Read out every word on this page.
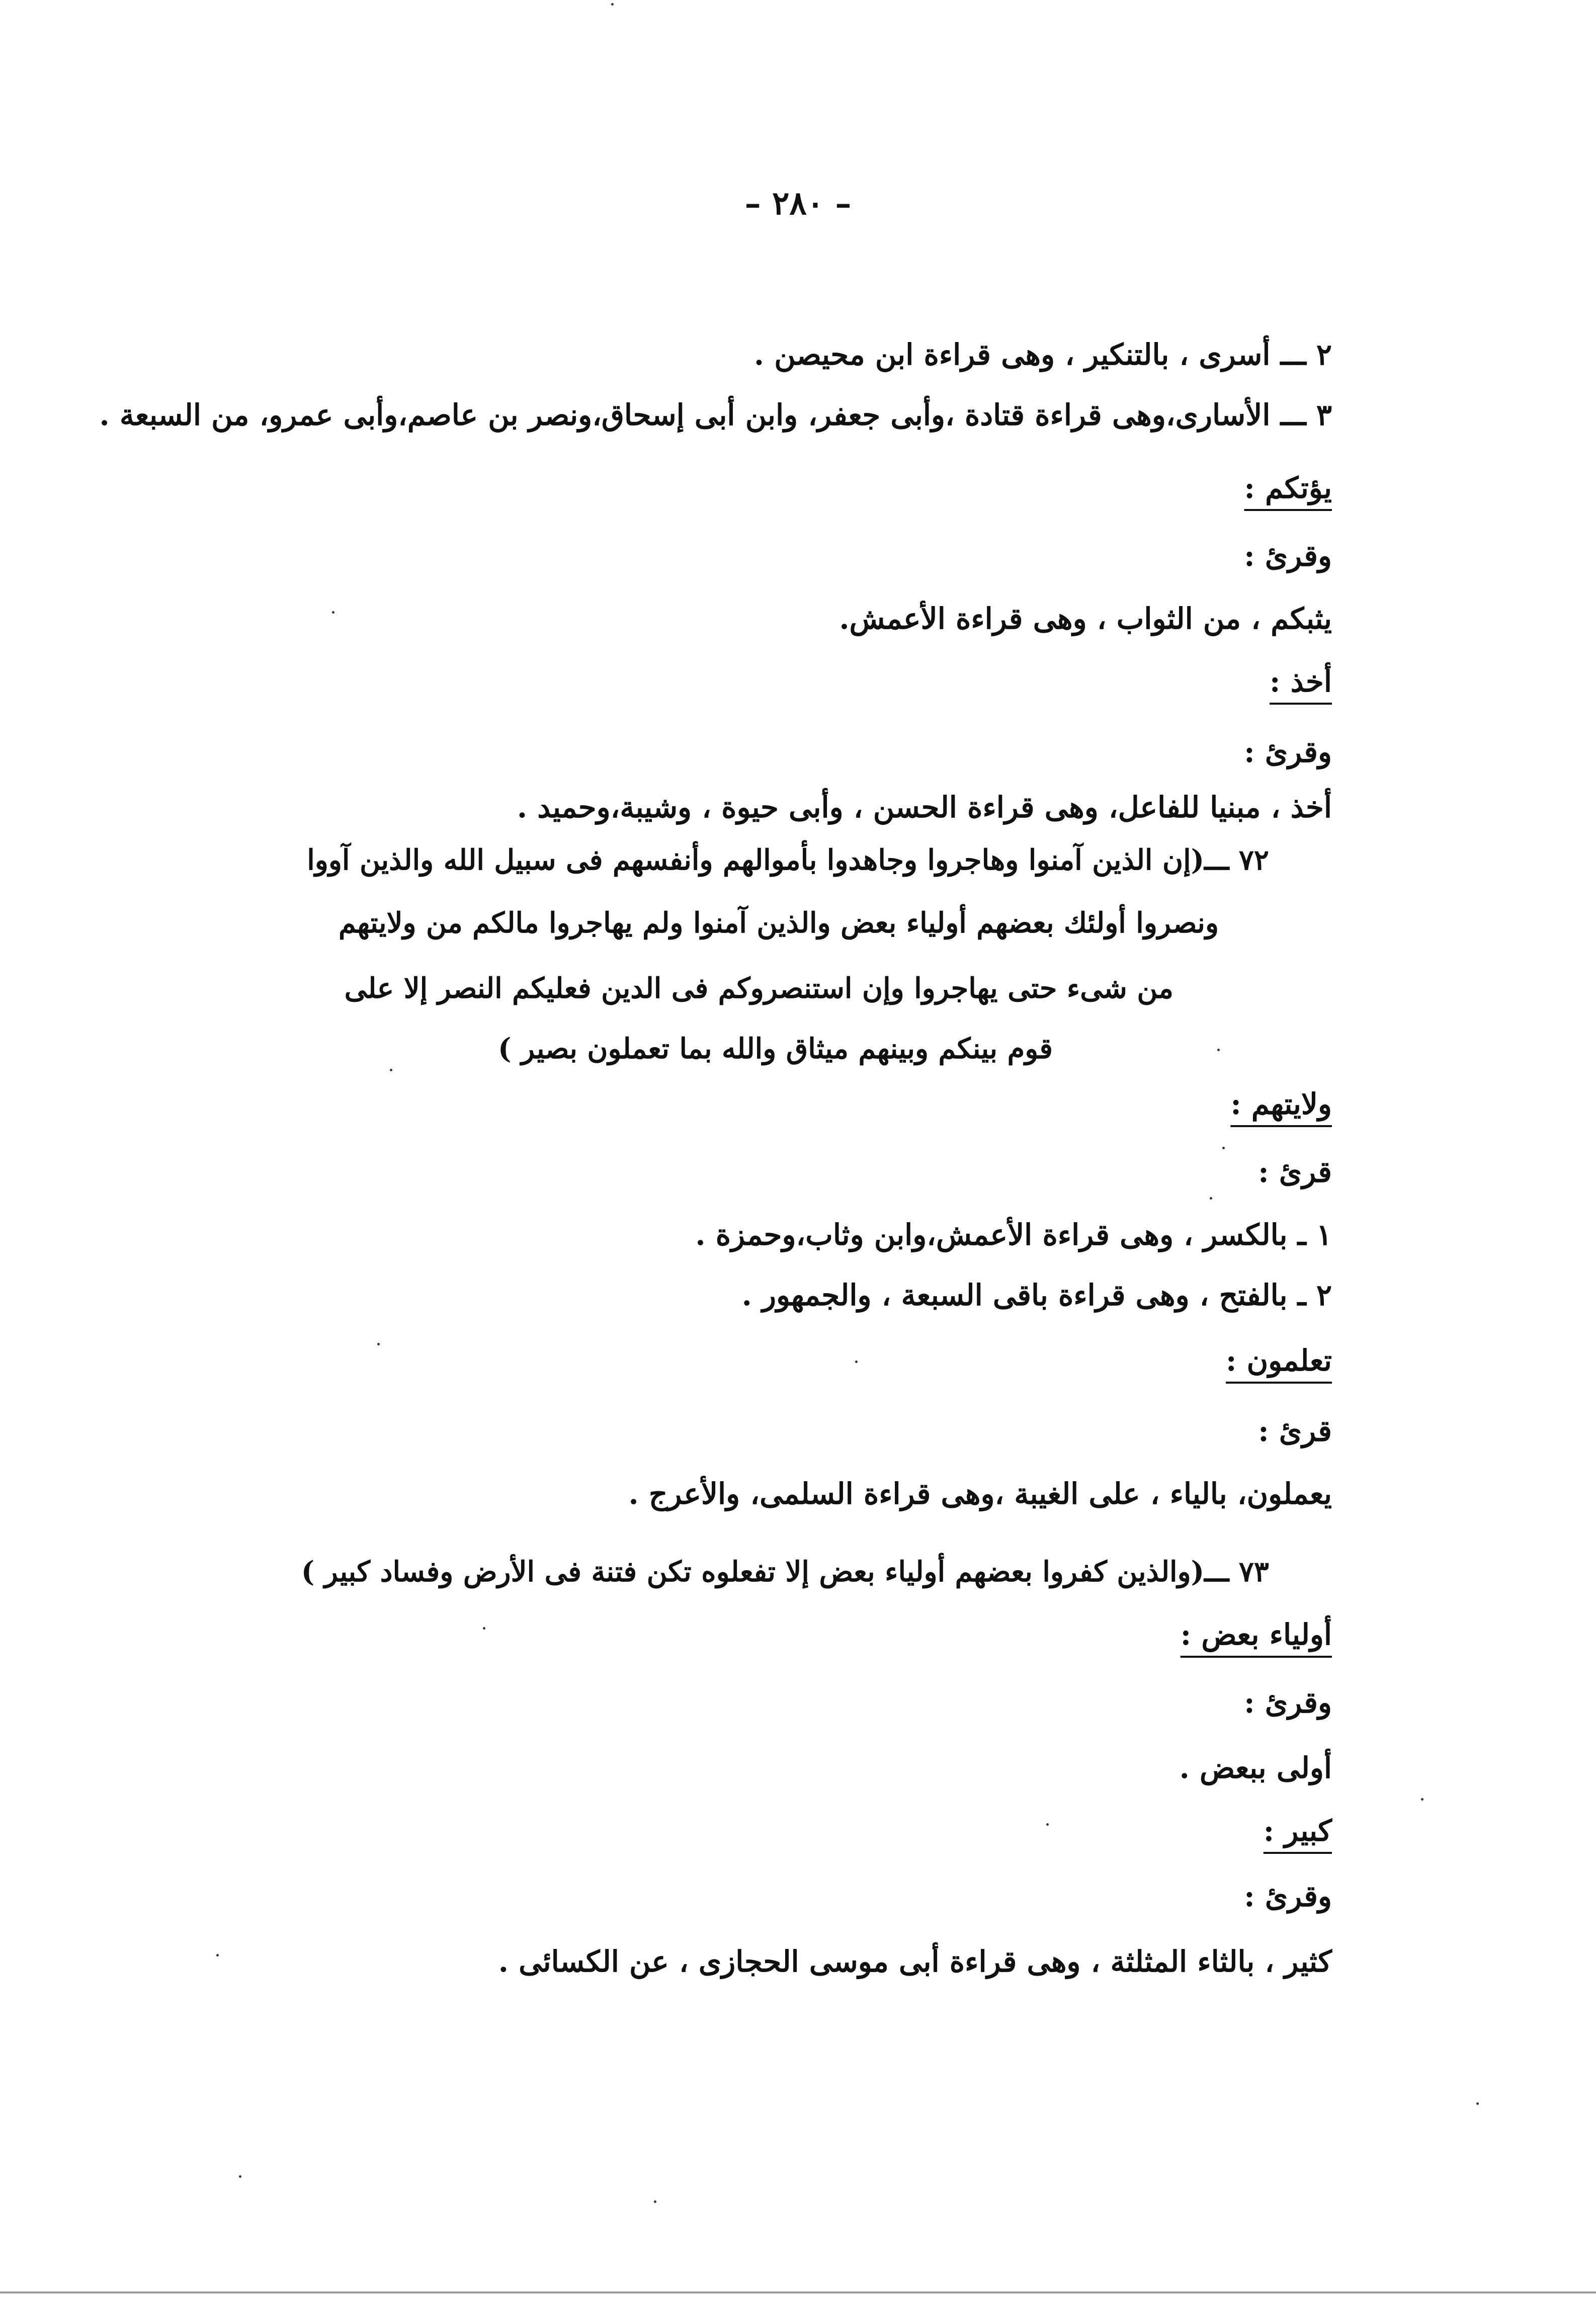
– ٢٨٠ –
٢ ـــ أسرى ، بالتنكير ، وهى قراءة ابن محيصن .
٣ ـــ الأسارى،وهى قراءة قتادة ،وأبى جعفر، وابن أبى إسحاق،ونصر بن عاصم،وأبى عمرو، من السبعة .
يؤتكم :
وقرئ :
يثبكم ، من الثواب ، وهى قراءة الأعمش.
أخذ :
وقرئ :
أخذ ، مبنيا للفاعل، وهى قراءة الحسن ، وأبى حيوة ، وشيبة،وحميد .
٧٢ ـــ(إن الذين آمنوا وهاجروا وجاهدوا بأموالهم وأنفسهم فى سبيل الله والذين آووا
ونصروا أولئك بعضهم أولياء بعض والذين آمنوا ولم يهاجروا مالكم من ولايتهم
من شىء حتى يهاجروا وإن استنصروكم فى الدين فعليكم النصر إلا على
قوم بينكم وبينهم ميثاق والله بما تعملون بصير )
ولايتهم :
قرئ :
١ ـ بالكسر ، وهى قراءة الأعمش،وابن وثاب،وحمزة .
٢ ـ بالفتح ، وهى قراءة باقى السبعة ، والجمهور .
تعلمون :
قرئ :
يعملون، بالياء ، على الغيبة ،وهى قراءة السلمى، والأعرج .
٧٣ ـــ(والذين كفروا بعضهم أولياء بعض إلا تفعلوه تكن فتنة فى الأرض وفساد كبير )
أولياء بعض :
وقرئ :
أولى ببعض .
كبير :
وقرئ :
كثير ، بالثاء المثلثة ، وهى قراءة أبى موسى الحجازى ، عن الكسائى .
